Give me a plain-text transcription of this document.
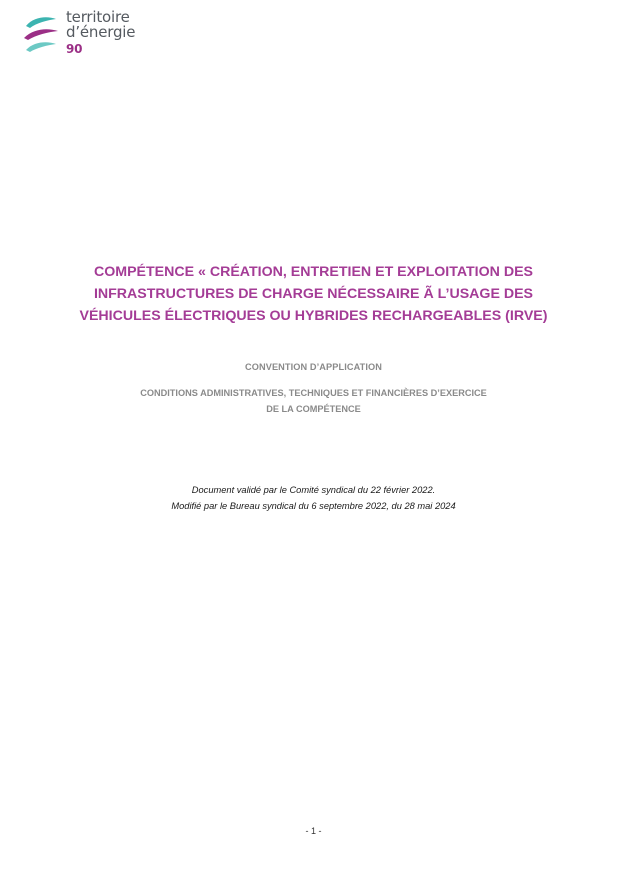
territoire
d’énergie
90
COMPÉTENCE « CRÉATION, ENTRETIEN ET EXPLOITATION DES
INFRASTRUCTURES DE CHARGE NÉCESSAIRE Ã L’USAGE DES
VÉHICULES ÉLECTRIQUES OU HYBRIDES RECHARGEABLES (IRVE)
CONVENTION D’APPLICATION
CONDITIONS ADMINISTRATIVES, TECHNIQUES ET FINANCIÈRES D’EXERCICE
DE LA COMPÉTENCE
Document validé par le Comité syndical du 22 février 2022.
Modifié par le Bureau syndical du 6 septembre 2022, du 28 mai 2024
- 1 -
